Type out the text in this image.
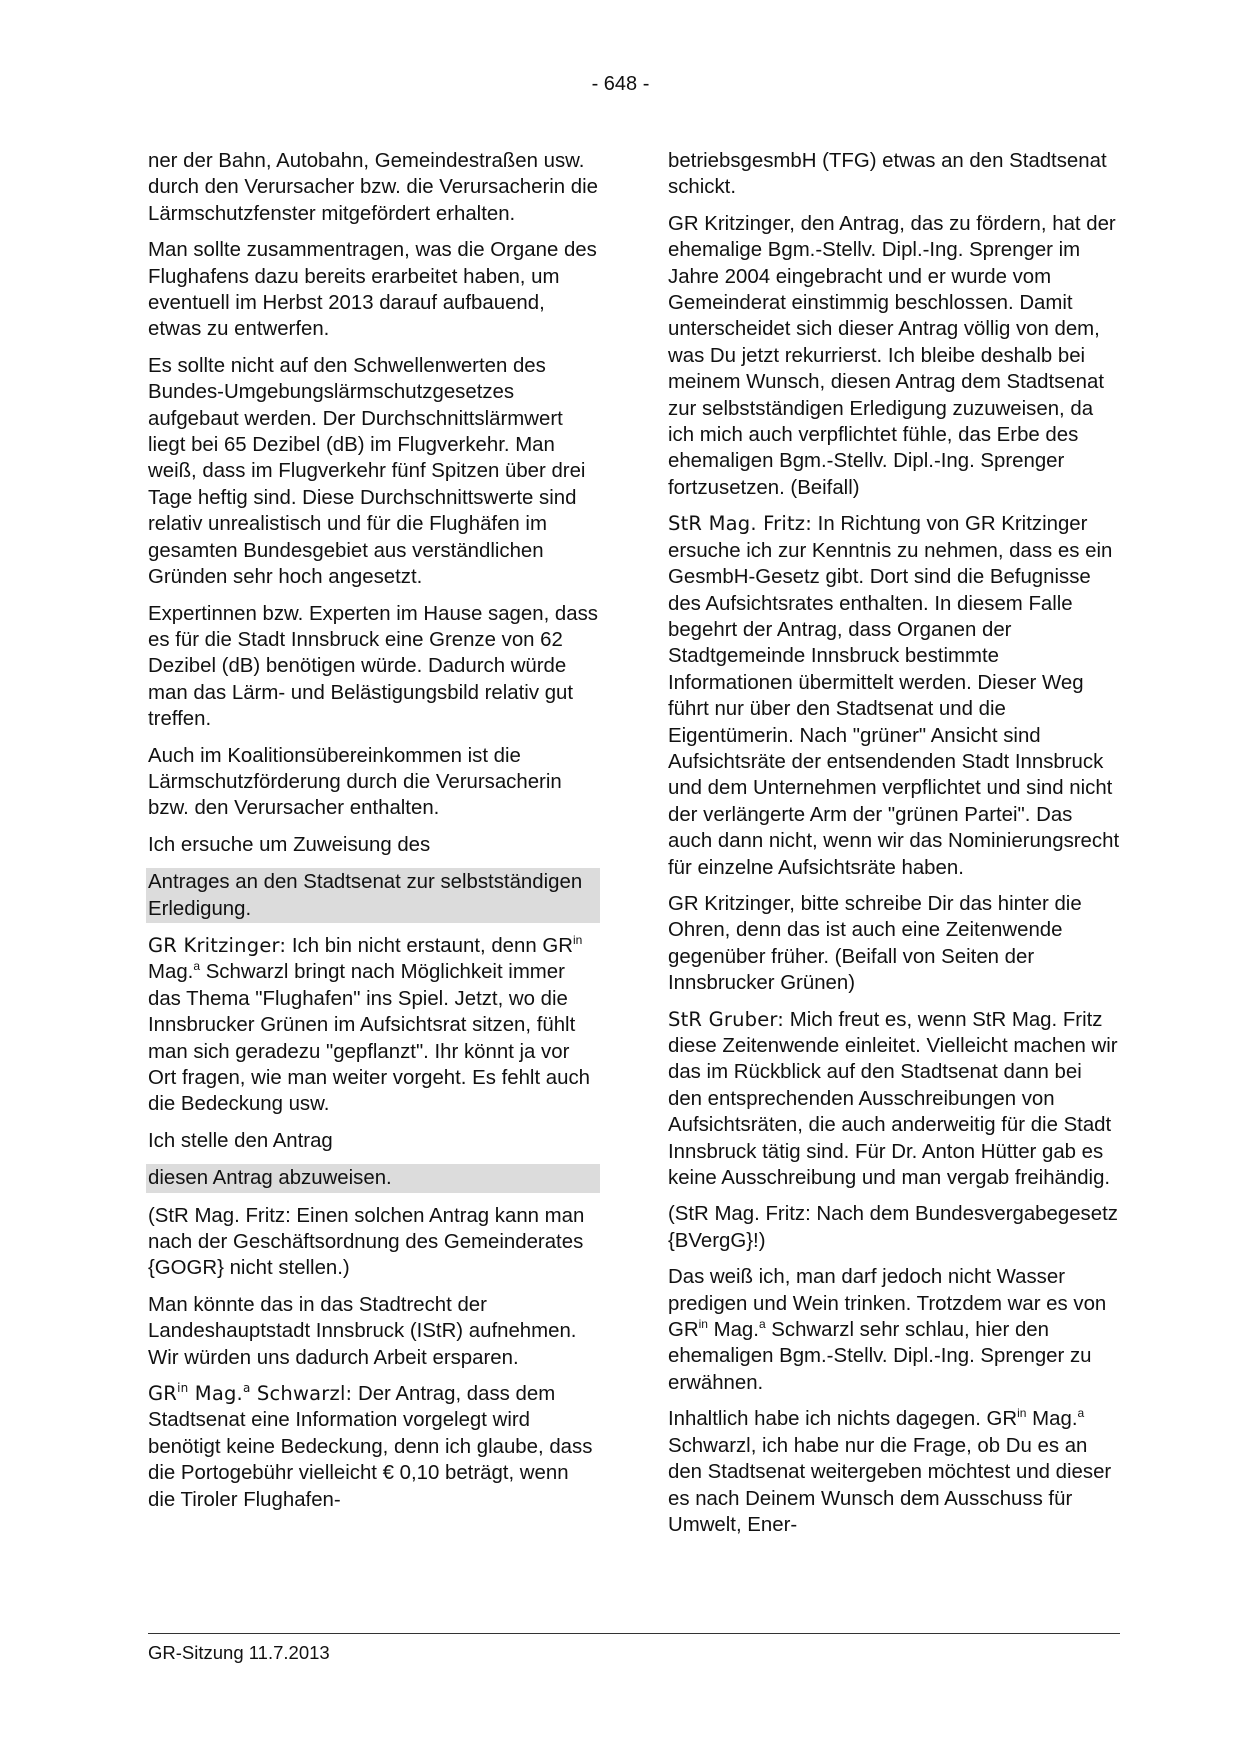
- 648 -

ner der Bahn, Autobahn, Gemeindestraßen usw. durch den Verursacher bzw. die Verursacherin die Lärmschutzfenster mitgefördert erhalten.

Man sollte zusammentragen, was die Organe des Flughafens dazu bereits erarbeitet haben, um eventuell im Herbst 2013 darauf aufbauend, etwas zu entwerfen.

Es sollte nicht auf den Schwellenwerten des Bundes-Umgebungslärmschutzgesetzes aufgebaut werden. Der Durchschnittslärmwert liegt bei 65 Dezibel (dB) im Flugverkehr. Man weiß, dass im Flugverkehr fünf Spitzen über drei Tage heftig sind. Diese Durchschnittswerte sind relativ unrealistisch und für die Flughäfen im gesamten Bundesgebiet aus verständlichen Gründen sehr hoch angesetzt.

Expertinnen bzw. Experten im Hause sagen, dass es für die Stadt Innsbruck eine Grenze von 62 Dezibel (dB) benötigen würde. Dadurch würde man das Lärm- und Belästigungsbild relativ gut treffen.

Auch im Koalitionsübereinkommen ist die Lärmschutzförderung durch die Verursacherin bzw. den Verursacher enthalten.

Ich ersuche um Zuweisung des

Antrages an den Stadtsenat zur selbstständigen Erledigung.

GR Kritzinger: Ich bin nicht erstaunt, denn $GR^{in}$ Mag.$^a$ Schwarzl bringt nach Möglichkeit immer das Thema "Flughafen" ins Spiel. Jetzt, wo die Innsbrucker Grünen im Aufsichtsrat sitzen, fühlt man sich geradezu "gepflanzt". Ihr könnt ja vor Ort fragen, wie man weiter vorgeht. Es fehlt auch die Bedeckung usw.

Ich stelle den Antrag

diesen Antrag abzuweisen.

(StR Mag. Fritz: Einen solchen Antrag kann man nach der Geschäftsordnung des Gemeinderates {GOGR} nicht stellen.)

Man könnte das in das Stadtrecht der Landeshauptstadt Innsbruck (IStR) aufnehmen. Wir würden uns dadurch Arbeit ersparen.

$GR^{in}$ Mag.$^a$ Schwarzl: Der Antrag, dass dem Stadtsenat eine Information vorgelegt wird benötigt keine Bedeckung, denn ich glaube, dass die Portogebühr vielleicht € 0,10 beträgt, wenn die Tiroler Flughafen-

betriebsgesmbH (TFG) etwas an den Stadtsenat schickt.

GR Kritzinger, den Antrag, das zu fördern, hat der ehemalige Bgm.-Stellv. Dipl.-Ing. Sprenger im Jahre 2004 eingebracht und er wurde vom Gemeinderat einstimmig beschlossen. Damit unterscheidet sich dieser Antrag völlig von dem, was Du jetzt rekurrierst. Ich bleibe deshalb bei meinem Wunsch, diesen Antrag dem Stadtsenat zur selbstständigen Erledigung zuzuweisen, da ich mich auch verpflichtet fühle, das Erbe des ehemaligen Bgm.-Stellv. Dipl.-Ing. Sprenger fortzusetzen. (Beifall)

StR Mag. Fritz: In Richtung von GR Kritzinger ersuche ich zur Kenntnis zu nehmen, dass es ein GesmbH-Gesetz gibt. Dort sind die Befugnisse des Aufsichtsrates enthalten. In diesem Falle begehrt der Antrag, dass Organen der Stadtgemeinde Innsbruck bestimmte Informationen übermittelt werden. Dieser Weg führt nur über den Stadtsenat und die Eigentümerin. Nach "grüner" Ansicht sind Aufsichtsräte der entsendenden Stadt Innsbruck und dem Unternehmen verpflichtet und sind nicht der verlängerte Arm der "grünen Partei". Das auch dann nicht, wenn wir das Nominierungsrecht für einzelne Aufsichtsräte haben.

GR Kritzinger, bitte schreibe Dir das hinter die Ohren, denn das ist auch eine Zeitenwende gegenüber früher. (Beifall von Seiten der Innsbrucker Grünen)

StR Gruber: Mich freut es, wenn StR Mag. Fritz diese Zeitenwende einleitet. Vielleicht machen wir das im Rückblick auf den Stadtsenat dann bei den entsprechenden Ausschreibungen von Aufsichtsräten, die auch anderweitig für die Stadt Innsbruck tätig sind. Für Dr. Anton Hütter gab es keine Ausschreibung und man vergab freihändig.

(StR Mag. Fritz: Nach dem Bundesvergabegesetz {BVergG}!)

Das weiß ich, man darf jedoch nicht Wasser predigen und Wein trinken. Trotzdem war es von $GR^{in}$ Mag.$^a$ Schwarzl sehr schlau, hier den ehemaligen Bgm.-Stellv. Dipl.-Ing. Sprenger zu erwähnen.

Inhaltlich habe ich nichts dagegen. $GR^{in}$ Mag.$^a$ Schwarzl, ich habe nur die Frage, ob Du es an den Stadtsenat weitergeben möchtest und dieser es nach Deinem Wunsch dem Ausschuss für Umwelt, Ener-

GR-Sitzung 11.7.2013
